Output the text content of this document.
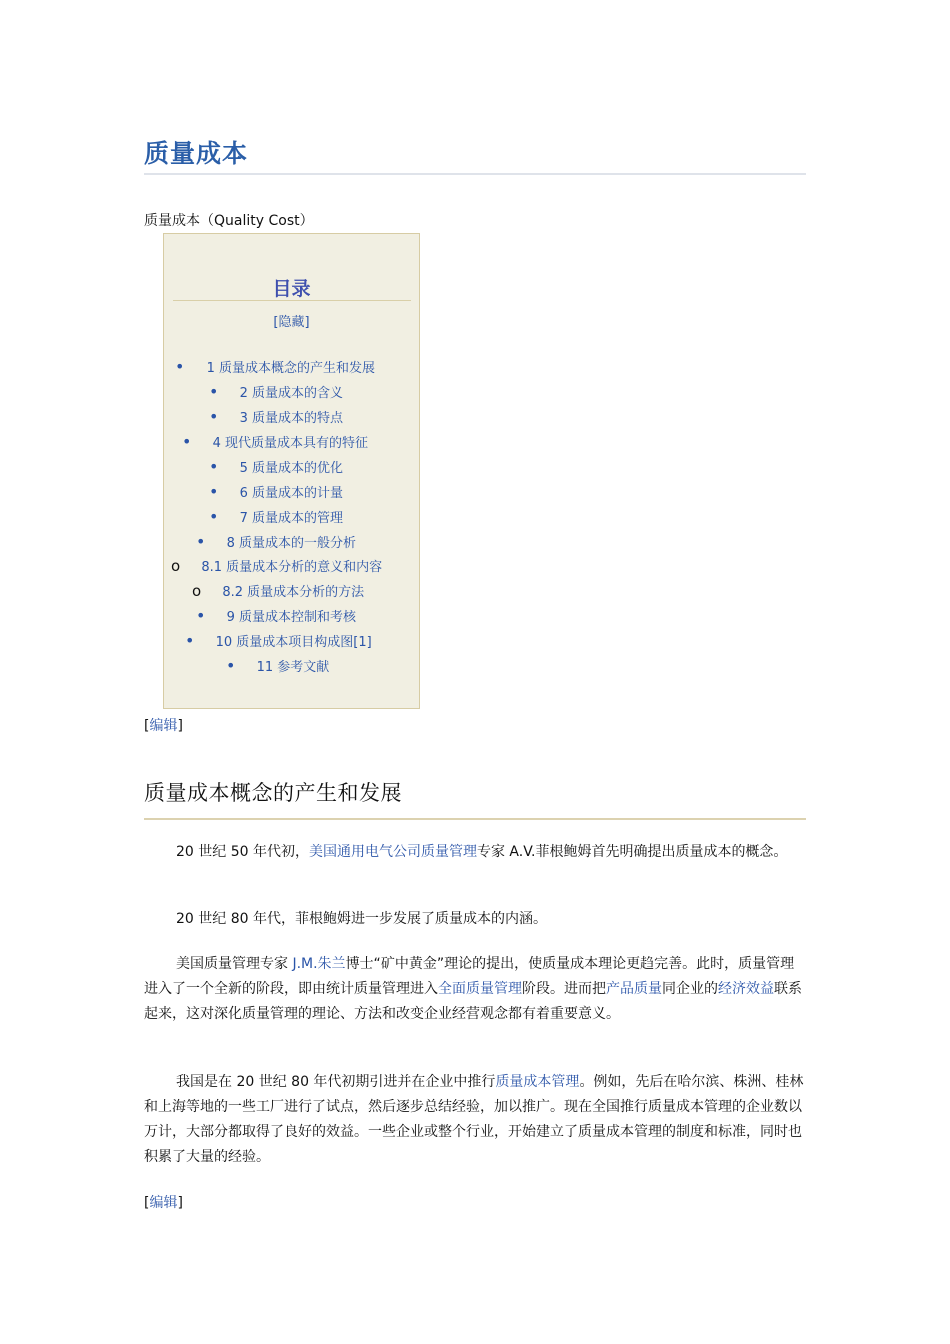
质量成本
质量成本（Quality Cost）
目录
[隐藏]
• 1 质量成本概念的产生和发展
• 2 质量成本的含义
• 3 质量成本的特点
• 4 现代质量成本具有的特征
• 5 质量成本的优化
• 6 质量成本的计量
• 7 质量成本的管理
• 8 质量成本的一般分析
o 8.1 质量成本分析的意义和内容
o 8.2 质量成本分析的方法
• 9 质量成本控制和考核
• 10 质量成本项目构成图[1]
• 11 参考文献
[编辑]
质量成本概念的产生和发展

20 世纪 50 年代初，美国通用电气公司质量管理专家 A.V.菲根鲍姆首先明确提出质量成本的概念。

20 世纪 80 年代，菲根鲍姆进一步发展了质量成本的内涵。

美国质量管理专家 J.M.朱兰博士“矿中黄金”理论的提出，使质量成本理论更趋完善。此时，质量管理进入了一个全新的阶段，即由统计质量管理进入全面质量管理阶段。进而把产品质量同企业的经济效益联系起来，这对深化质量管理的理论、方法和改变企业经营观念都有着重要意义。

我国是在 20 世纪 80 年代初期引进并在企业中推行质量成本管理。例如，先后在哈尔滨、株洲、桂林和上海等地的一些工厂进行了试点，然后逐步总结经验，加以推广。现在全国推行质量成本管理的企业数以万计，大部分都取得了良好的效益。一些企业或整个行业，开始建立了质量成本管理的制度和标准，同时也积累了大量的经验。

[编辑]
